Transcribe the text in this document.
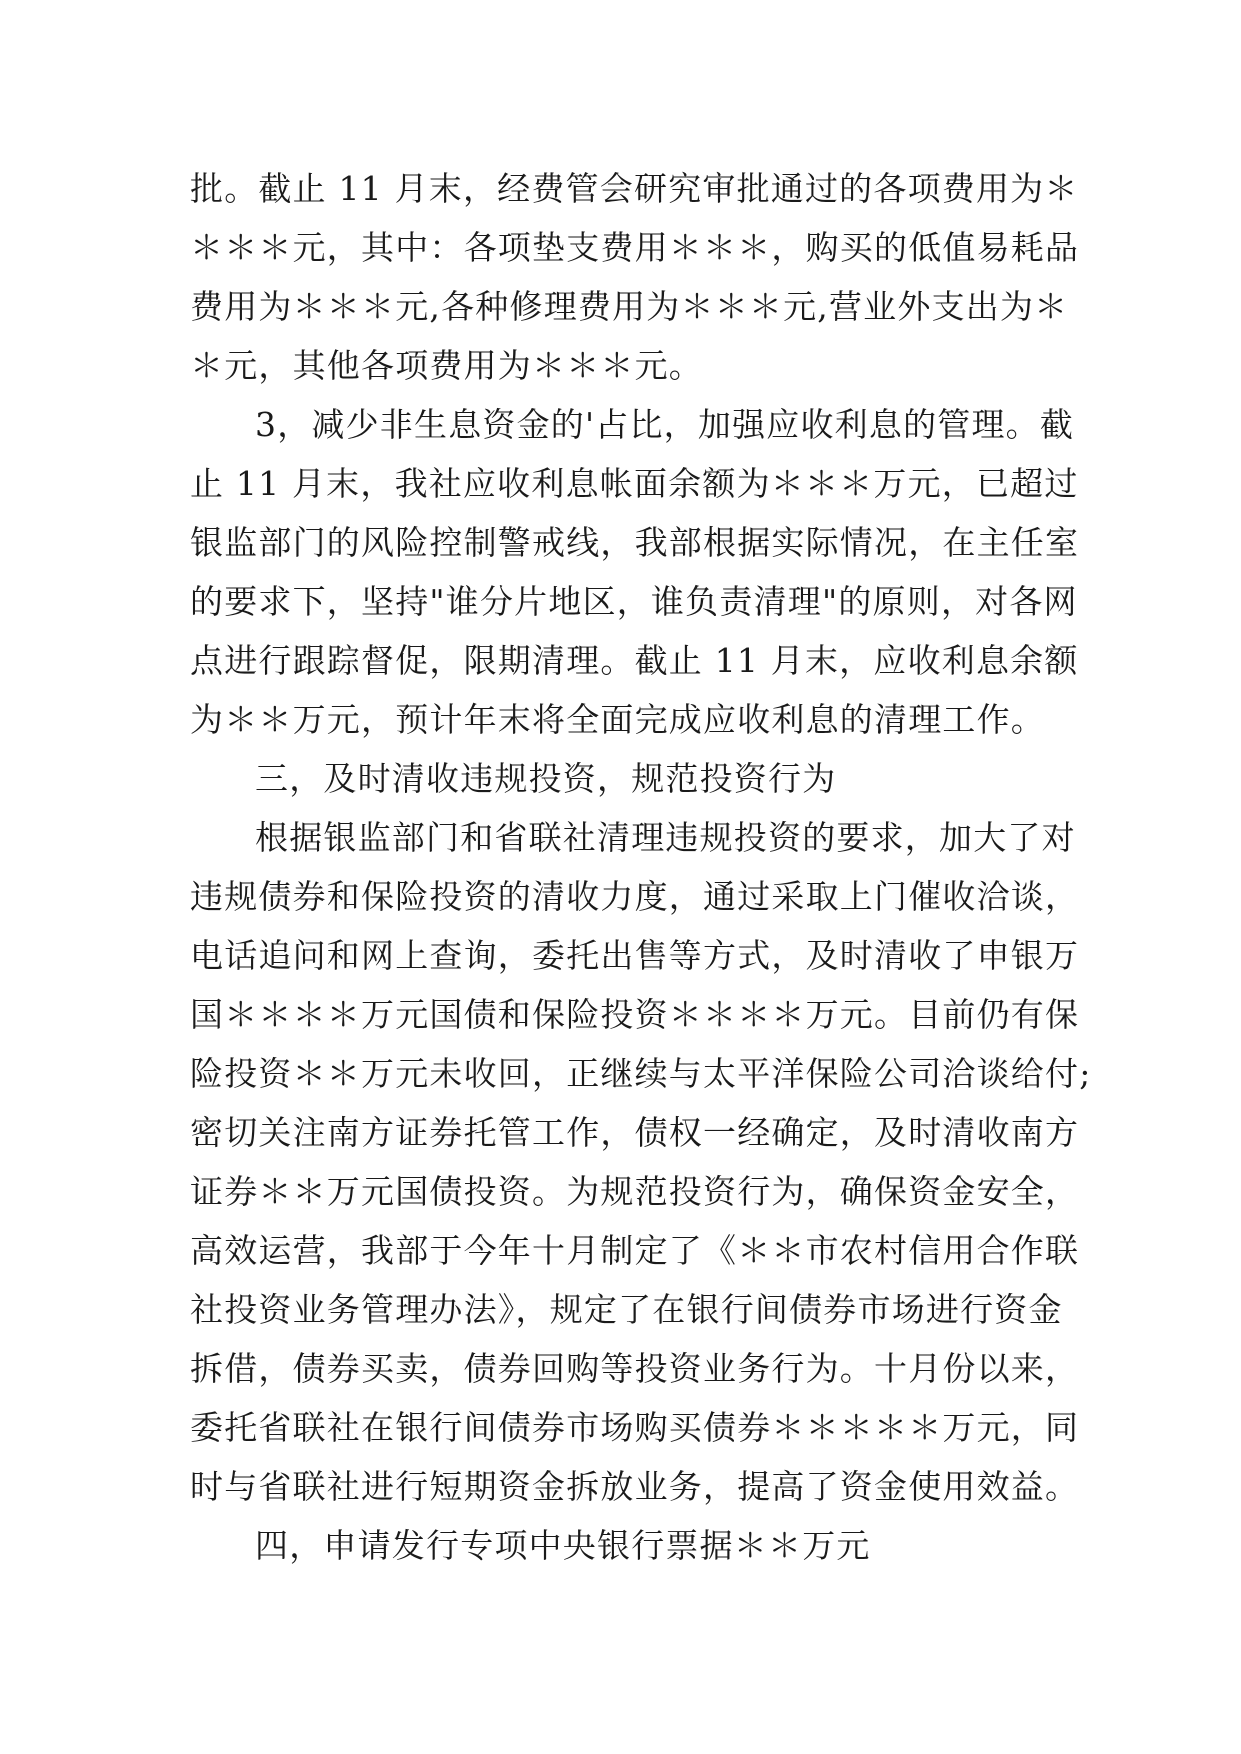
批。截止 11 月末，经费管会研究审批通过的各项费用为＊
＊＊＊元，其中：各项垫支费用＊＊＊，购买的低值易耗品
费用为＊＊＊元,各种修理费用为＊＊＊元,营业外支出为＊
＊元，其他各项费用为＊＊＊元。
3，减少非生息资金的'占比，加强应收利息的管理。截
止 11 月末，我社应收利息帐面余额为＊＊＊万元，已超过
银监部门的风险控制警戒线，我部根据实际情况，在主任室
的要求下，坚持"谁分片地区，谁负责清理"的原则，对各网
点进行跟踪督促，限期清理。截止 11 月末，应收利息余额
为＊＊万元，预计年末将全面完成应收利息的清理工作。
三，及时清收违规投资，规范投资行为
根据银监部门和省联社清理违规投资的要求，加大了对
违规债券和保险投资的清收力度，通过采取上门催收洽谈，
电话追问和网上查询，委托出售等方式，及时清收了申银万
国＊＊＊＊万元国债和保险投资＊＊＊＊万元。目前仍有保
险投资＊＊万元未收回，正继续与太平洋保险公司洽谈给付;
密切关注南方证券托管工作，债权一经确定，及时清收南方
证券＊＊万元国债投资。为规范投资行为，确保资金安全，
高效运营，我部于今年十月制定了《＊＊市农村信用合作联
社投资业务管理办法》，规定了在银行间债券市场进行资金
拆借，债券买卖，债券回购等投资业务行为。十月份以来，
委托省联社在银行间债券市场购买债券＊＊＊＊＊万元，同
时与省联社进行短期资金拆放业务，提高了资金使用效益。
四，申请发行专项中央银行票据＊＊万元
